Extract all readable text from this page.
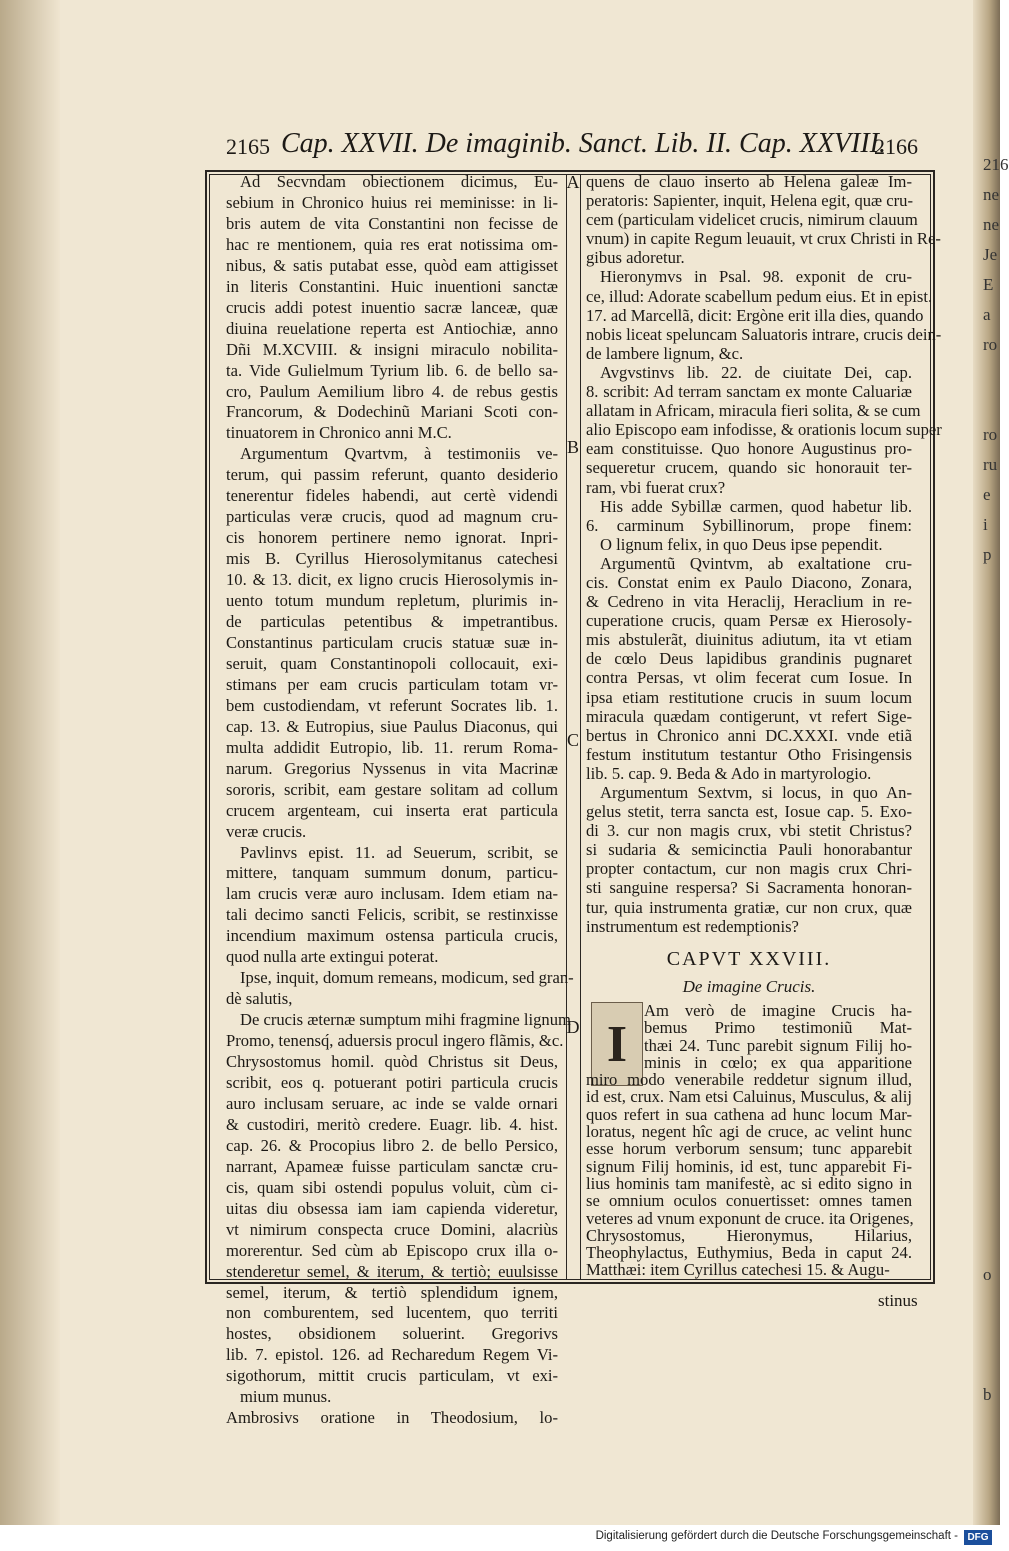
216
ne
ne
Je
E
a
ro
ro
ru
e
i
p
o
b
2165 Cap. XXVII. De imaginib. Sanct. Lib. II. Cap. XXVIII.
2166
A
B
C
D
Ad Secvndam obiectionem dicimus, Eu-
sebium in Chronico huius rei meminisse: in li-
bris autem de vita Constantini non fecisse de
hac re mentionem, quia res erat notissima om-
nibus, & satis putabat esse, quòd eam attigisset
in literis Constantini. Huic inuentioni sanctæ
crucis addi potest inuentio sacræ lanceæ, quæ
diuina reuelatione reperta est Antiochiæ, anno
Dñi M.XCVIII. & insigni miraculo nobilita-
ta. Vide Gulielmum Tyrium lib. 6. de bello sa-
cro, Paulum Aemilium libro 4. de rebus gestis
Francorum, & Dodechinũ Mariani Scoti con-
tinuatorem in Chronico anni M.C.
Argumentum Qvartvm, à testimoniis ve-
terum, qui passim referunt, quanto desiderio
tenerentur fideles habendi, aut certè videndi
particulas veræ crucis, quod ad magnum cru-
cis honorem pertinere nemo ignorat. Inpri-
mis B. Cyrillus Hierosolymitanus catechesi
10. & 13. dicit, ex ligno crucis Hierosolymis in-
uento totum mundum repletum, plurimis in-
de particulas petentibus & impetrantibus.
Constantinus particulam crucis statuæ suæ in-
seruit, quam Constantinopoli collocauit, exi-
stimans per eam crucis particulam totam vr-
bem custodiendam, vt referunt Socrates lib. 1.
cap. 13. & Eutropius, siue Paulus Diaconus, qui
multa addidit Eutropio, lib. 11. rerum Roma-
narum. Gregorius Nyssenus in vita Macrinæ
sororis, scribit, eam gestare solitam ad collum
crucem argenteam, cui inserta erat particula
veræ crucis.
Pavlinvs epist. 11. ad Seuerum, scribit, se
mittere, tanquam summum donum, particu-
lam crucis veræ auro inclusam. Idem etiam na-
tali decimo sancti Felicis, scribit, se restinxisse
incendium maximum ostensa particula crucis,
quod nulla arte extingui poterat.
Ipse, inquit, domum remeans, modicum, sed gran-
dè salutis,
De crucis æternæ sumptum mihi fragmine lignum
Promo, tenensq́, aduersis procul ingero flãmis, &c.
Chrysostomus homil. quòd Christus sit Deus,
scribit, eos q. potuerant potiri particula crucis
auro inclusam seruare, ac inde se valde ornari
& custodiri, meritò credere. Euagr. lib. 4. hist.
cap. 26. & Procopius libro 2. de bello Persico,
narrant, Apameæ fuisse particulam sanctæ cru-
cis, quam sibi ostendi populus voluit, cùm ci-
uitas diu obsessa iam iam capienda videretur,
vt nimirum conspecta cruce Domini, alacriùs
morerentur. Sed cùm ab Episcopo crux illa o-
stenderetur semel, & iterum, & tertiò; euulsisse
semel, iterum, & tertiò splendidum ignem,
non comburentem, sed lucentem, quo territi
hostes, obsidionem soluerint. Gregorivs
lib. 7. epistol. 126. ad Recharedum Regem Vi-
sigothorum, mittit crucis particulam, vt exi-
mium munus.
Ambrosivs oratione in Theodosium, lo-
quens de clauo inserto ab Helena galeæ Im-
peratoris: Sapienter, inquit, Helena egit, quæ cru-
cem (particulam videlicet crucis, nimirum clauum
vnum) in capite Regum leuauit, vt crux Christi in Re-
gibus adoretur.
Hieronymvs in Psal. 98. exponit de cru-
ce, illud: Adorate scabellum pedum eius. Et in epist.
17. ad Marcellã, dicit: Ergòne erit illa dies, quando
nobis liceat speluncam Saluatoris intrare, crucis dein-
de lambere lignum, &c.
Avgvstinvs lib. 22. de ciuitate Dei, cap.
8. scribit: Ad terram sanctam ex monte Caluariæ
allatam in Africam, miracula fieri solita, & se cum
alio Episcopo eam infodisse, & orationis locum super
eam constituisse. Quo honore Augustinus pro-
sequeretur crucem, quando sic honorauit ter-
ram, vbi fuerat crux?
His adde Sybillæ carmen, quod habetur lib.
6. carminum Sybillinorum, prope finem:
O lignum felix, in quo Deus ipse pependit.
Argumentũ Qvintvm, ab exaltatione cru-
cis. Constat enim ex Paulo Diacono, Zonara,
& Cedreno in vita Heraclij, Heraclium in re-
cuperatione crucis, quam Persæ ex Hierosoly-
mis abstulerãt, diuinitus adiutum, ita vt etiam
de cœlo Deus lapidibus grandinis pugnaret
contra Persas, vt olim fecerat cum Iosue. In
ipsa etiam restitutione crucis in suum locum
miracula quædam contigerunt, vt refert Sige-
bertus in Chronico anni DC.XXXI. vnde etiã
festum institutum testantur Otho Frisingensis
lib. 5. cap. 9. Beda & Ado in martyrologio.
Argumentum Sextvm, si locus, in quo An-
gelus stetit, terra sancta est, Iosue cap. 5. Exo-
di 3. cur non magis crux, vbi stetit Christus?
si sudaria & semicinctia Pauli honorabantur
propter contactum, cur non magis crux Chri-
sti sanguine respersa? Si Sacramenta honoran-
tur, quia instrumenta gratiæ, cur non crux, quæ
instrumentum est redemptionis?
CAPVT XXVIII.
De imagine Crucis.
I
Am verò de imagine Crucis ha-
bemus Primo testimoniũ Mat-
thæi 24. Tunc parebit signum Filij ho-
minis in cœlo; ex qua apparitione
miro modo venerabile reddetur signum illud,
id est, crux. Nam etsi Caluinus, Musculus, & alij
quos refert in sua cathena ad hunc locum Mar-
loratus, negent hîc agi de cruce, ac velint hunc
esse horum verborum sensum; tunc apparebit
signum Filij hominis, id est, tunc apparebit Fi-
lius hominis tam manifestè, ac si edito signo in
se omnium oculos conuertisset: omnes tamen
veteres ad vnum exponunt de cruce. ita Origenes,
Chrysostomus, Hieronymus, Hilarius,
Theophylactus, Euthymius, Beda in caput 24.
Matthæi: item Cyrillus catechesi 15. & Augu-
stinus
Digitalisierung gefördert durch die Deutsche Forschungsgemeinschaft - DFG
